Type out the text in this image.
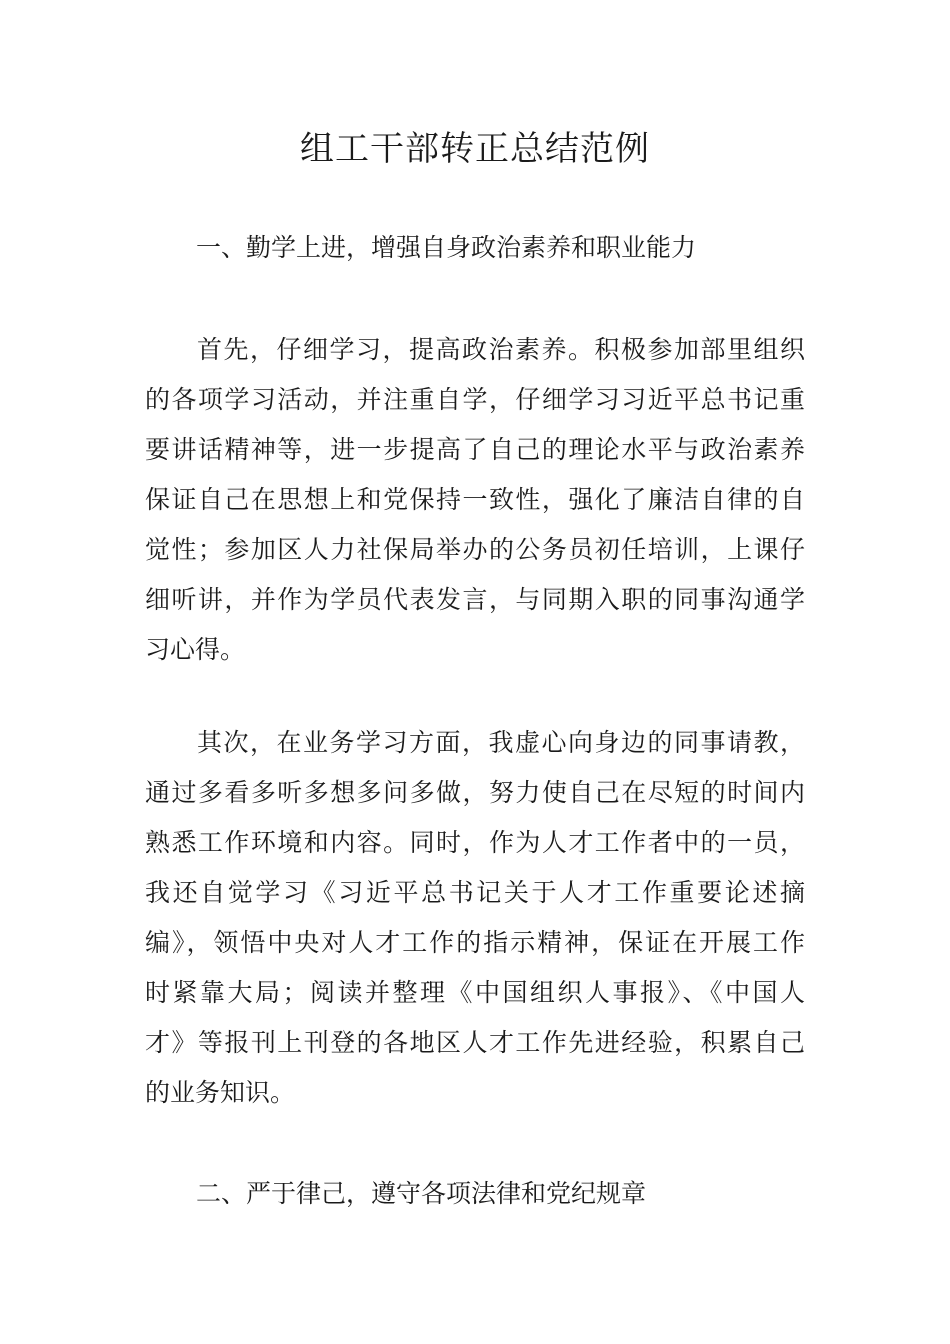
组工干部转正总结范例

一、勤学上进，增强自身政治素养和职业能力

首先，仔细学习，提高政治素养。积极参加部里组织
的各项学习活动，并注重自学，仔细学习习近平总书记重
要讲话精神等，进一步提高了自己的理论水平与政治素养
保证自己在思想上和党保持一致性，强化了廉洁自律的自
觉性；参加区人力社保局举办的公务员初任培训，上课仔
细听讲，并作为学员代表发言，与同期入职的同事沟通学
习心得。
其次，在业务学习方面，我虚心向身边的同事请教，
通过多看多听多想多问多做，努力使自己在尽短的时间内
熟悉工作环境和内容。同时，作为人才工作者中的一员，
我还自觉学习《习近平总书记关于人才工作重要论述摘
编》，领悟中央对人才工作的指示精神，保证在开展工作
时紧靠大局；阅读并整理《中国组织人事报》、《中国人
才》等报刊上刊登的各地区人才工作先进经验，积累自己
的业务知识。

二、严于律己，遵守各项法律和党纪规章
